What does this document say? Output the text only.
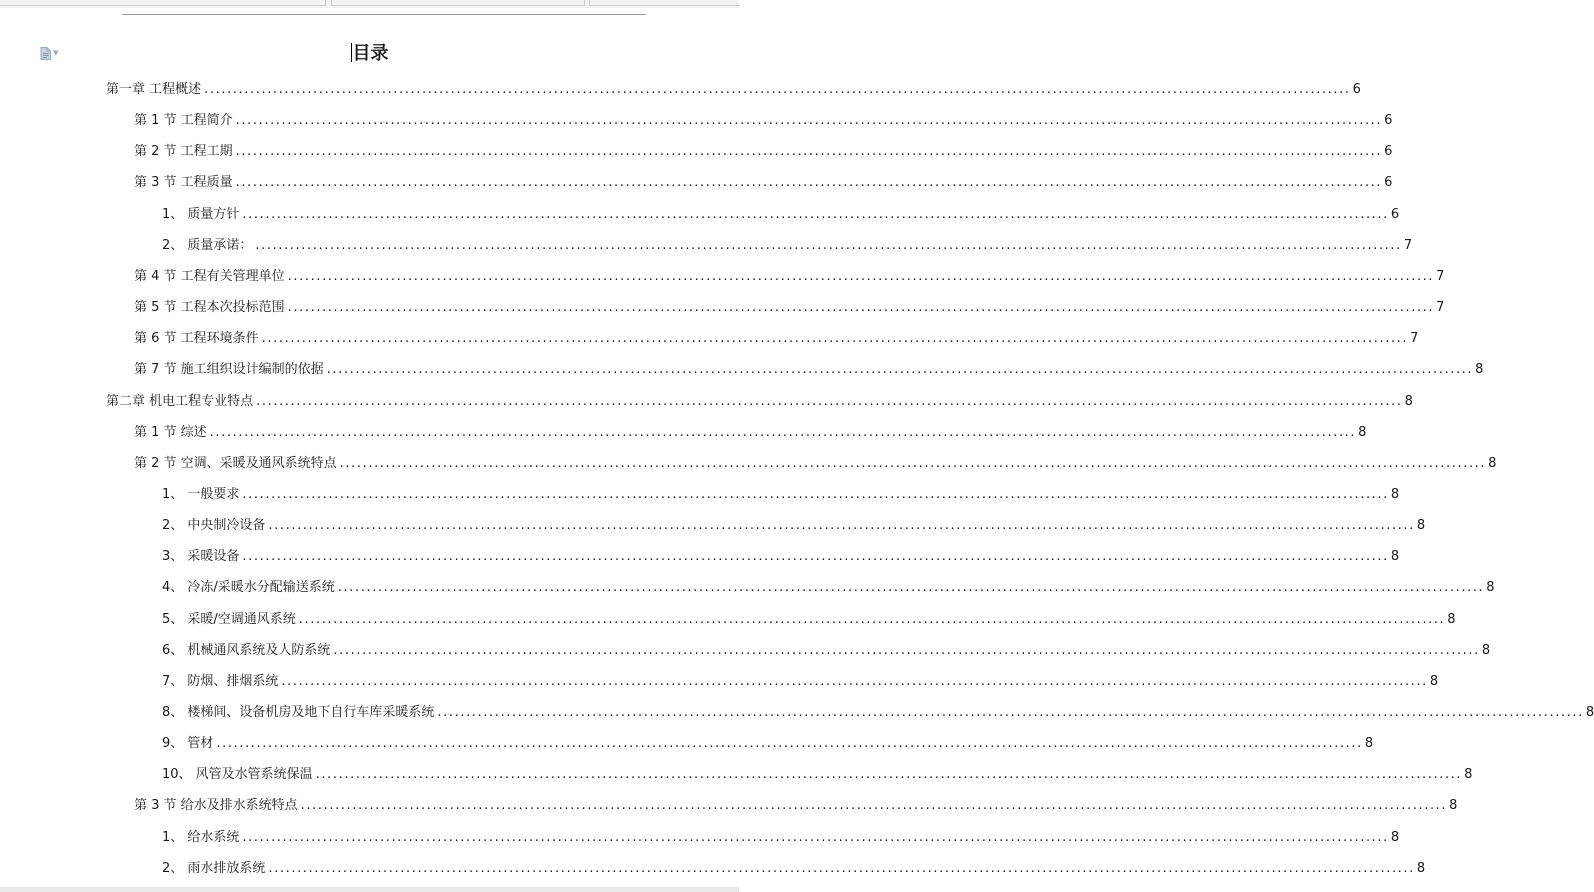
▼	目录
第一章 工程概述 ........................................................................................................................................................................................................ 6
第 1 节 工程简介 ........................................................................................................................................................................................................ 6
第 2 节 工程工期 ........................................................................................................................................................................................................ 6
第 3 节 工程质量 ........................................................................................................................................................................................................ 6
1、 质量方针 ........................................................................................................................................................................................................ 6
2、 质量承诺： ........................................................................................................................................................................................................ 7
第 4 节 工程有关管理单位 ........................................................................................................................................................................................................ 7
第 5 节 工程本次投标范围 ........................................................................................................................................................................................................ 7
第 6 节 工程环境条件 ........................................................................................................................................................................................................ 7
第 7 节 施工组织设计编制的依据 ........................................................................................................................................................................................................ 8
第二章 机电工程专业特点 ........................................................................................................................................................................................................ 8
第 1 节 综述 ........................................................................................................................................................................................................ 8
第 2 节 空调、采暖及通风系统特点 ........................................................................................................................................................................................................ 8
1、 一般要求 ........................................................................................................................................................................................................ 8
2、 中央制冷设备 ........................................................................................................................................................................................................ 8
3、 采暖设备 ........................................................................................................................................................................................................ 8
4、 冷冻/采暖水分配输送系统 ........................................................................................................................................................................................................ 8
5、 采暖/空调通风系统 ........................................................................................................................................................................................................ 8
6、 机械通风系统及人防系统 ........................................................................................................................................................................................................ 8
7、 防烟、排烟系统 ........................................................................................................................................................................................................ 8
8、 楼梯间、设备机房及地下自行车库采暖系统 ........................................................................................................................................................................................................ 8
9、 管材 ........................................................................................................................................................................................................ 8
10、 风管及水管系统保温 ........................................................................................................................................................................................................ 8
第 3 节 给水及排水系统特点 ........................................................................................................................................................................................................ 8
1、 给水系统 ........................................................................................................................................................................................................ 8
2、 雨水排放系统 ........................................................................................................................................................................................................ 8
